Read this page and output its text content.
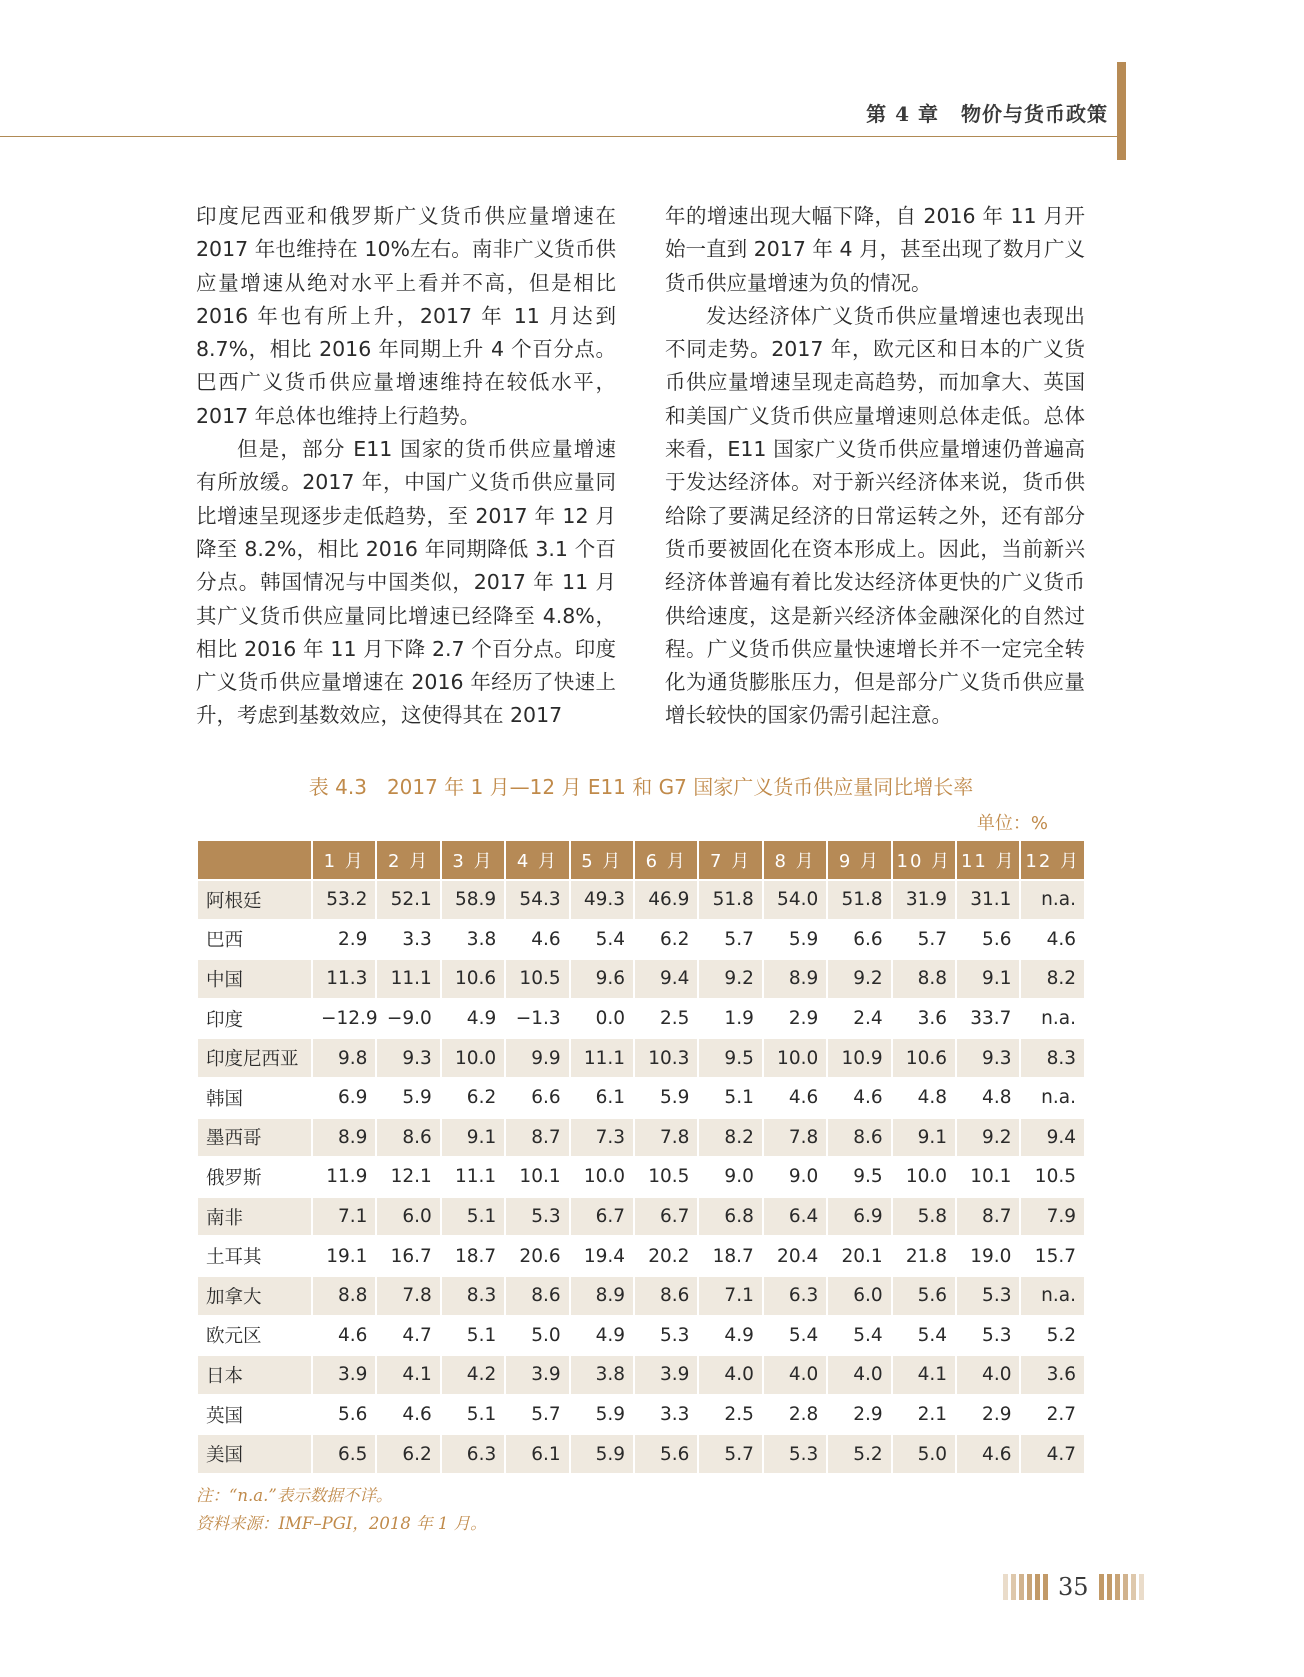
第 4 章 物价与货币政策

印度尼西亚和俄罗斯广义货币供应量增速在 2017 年也维持在 10%左右。南非广义货币供应量增速从绝对水平上看并不高，但是相比 2016 年也有所上升，2017 年 11 月达到 8.7%，相比 2016 年同期上升 4 个百分点。巴西广义货币供应量增速维持在较低水平，2017 年总体也维持上行趋势。

但是，部分 E11 国家的货币供应量增速有所放缓。2017 年，中国广义货币供应量同比增速呈现逐步走低趋势，至 2017 年 12 月降至 8.2%，相比 2016 年同期降低 3.1 个百分点。韩国情况与中国类似，2017 年 11 月其广义货币供应量同比增速已经降至 4.8%，相比 2016 年 11 月下降 2.7 个百分点。印度广义货币供应量增速在 2016 年经历了快速上升，考虑到基数效应，这使得其在 2017

年的增速出现大幅下降，自 2016 年 11 月开始一直到 2017 年 4 月，甚至出现了数月广义货币供应量增速为负的情况。

发达经济体广义货币供应量增速也表现出不同走势。2017 年，欧元区和日本的广义货币供应量增速呈现走高趋势，而加拿大、英国和美国广义货币供应量增速则总体走低。总体来看，E11 国家广义货币供应量增速仍普遍高于发达经济体。对于新兴经济体来说，货币供给除了要满足经济的日常运转之外，还有部分货币要被固化在资本形成上。因此，当前新兴经济体普遍有着比发达经济体更快的广义货币供给速度，这是新兴经济体金融深化的自然过程。广义货币供应量快速增长并不一定完全转化为通货膨胀压力，但是部分广义货币供应量增长较快的国家仍需引起注意。

表 4.3　2017 年 1 月—12 月 E11 和 G7 国家广义货币供应量同比增长率
单位：%
	1 月	2 月	3 月	4 月	5 月	6 月	7 月	8 月	9 月	10 月	11 月	12 月
阿根廷	53.2	52.1	58.9	54.3	49.3	46.9	51.8	54.0	51.8	31.9	31.1	n.a.
巴西	2.9	3.3	3.8	4.6	5.4	6.2	5.7	5.9	6.6	5.7	5.6	4.6
中国	11.3	11.1	10.6	10.5	9.6	9.4	9.2	8.9	9.2	8.8	9.1	8.2
印度	−12.9	−9.0	4.9	−1.3	0.0	2.5	1.9	2.9	2.4	3.6	33.7	n.a.
印度尼西亚	9.8	9.3	10.0	9.9	11.1	10.3	9.5	10.0	10.9	10.6	9.3	8.3
韩国	6.9	5.9	6.2	6.6	6.1	5.9	5.1	4.6	4.6	4.8	4.8	n.a.
墨西哥	8.9	8.6	9.1	8.7	7.3	7.8	8.2	7.8	8.6	9.1	9.2	9.4
俄罗斯	11.9	12.1	11.1	10.1	10.0	10.5	9.0	9.0	9.5	10.0	10.1	10.5
南非	7.1	6.0	5.1	5.3	6.7	6.7	6.8	6.4	6.9	5.8	8.7	7.9
土耳其	19.1	16.7	18.7	20.6	19.4	20.2	18.7	20.4	20.1	21.8	19.0	15.7
加拿大	8.8	7.8	8.3	8.6	8.9	8.6	7.1	6.3	6.0	5.6	5.3	n.a.
欧元区	4.6	4.7	5.1	5.0	4.9	5.3	4.9	5.4	5.4	5.4	5.3	5.2
日本	3.9	4.1	4.2	3.9	3.8	3.9	4.0	4.0	4.0	4.1	4.0	3.6
英国	5.6	4.6	5.1	5.7	5.9	3.3	2.5	2.8	2.9	2.1	2.9	2.7
美国	6.5	6.2	6.3	6.1	5.9	5.6	5.7	5.3	5.2	5.0	4.6	4.7
注：“n.a.”表示数据不详。
资料来源：IMF–PGI，2018 年 1 月。
35
